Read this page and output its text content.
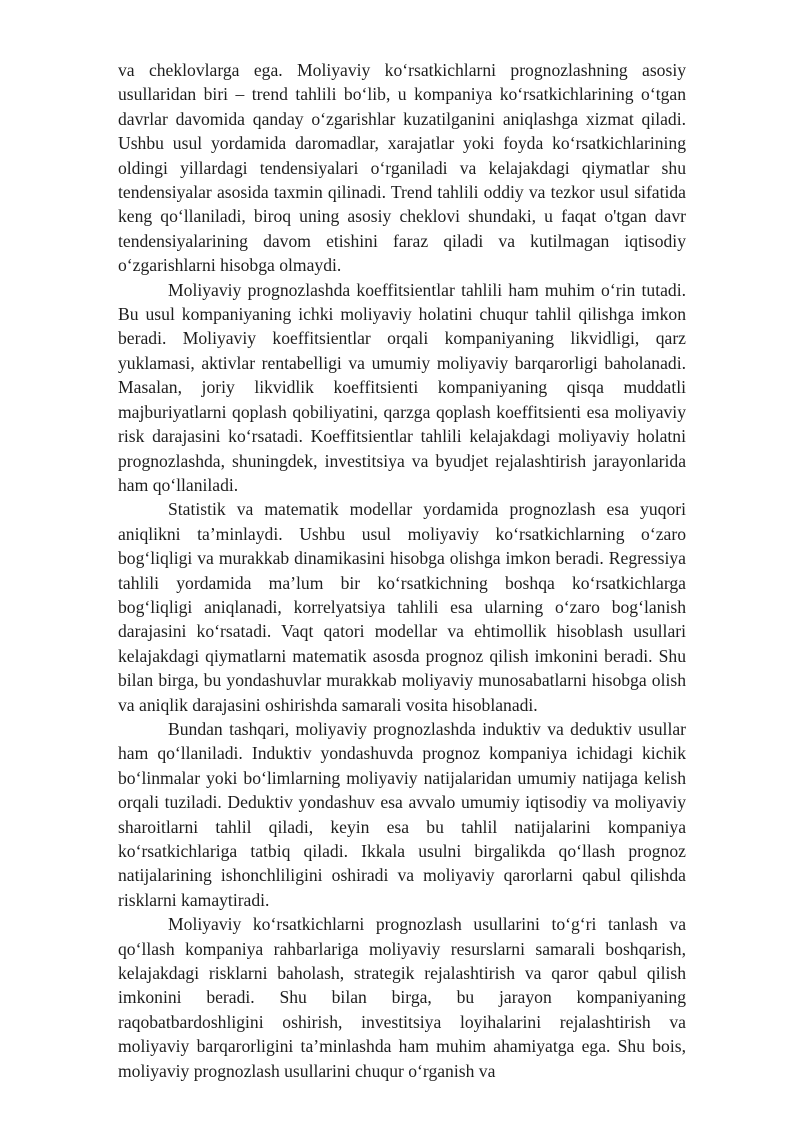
va cheklovlarga ega. Moliyaviy ko‘rsatkichlarni prognozlashning asosiy usullaridan biri – trend tahlili bo‘lib, u kompaniya ko‘rsatkichlarining o‘tgan davrlar davomida qanday o‘zgarishlar kuzatilganini aniqlashga xizmat qiladi. Ushbu usul yordamida daromadlar, xarajatlar yoki foyda ko‘rsatkichlarining oldingi yillardagi tendensiyalari o‘rganiladi va kelajakdagi qiymatlar shu tendensiyalar asosida taxmin qilinadi. Trend tahlili oddiy va tezkor usul sifatida keng qo‘llaniladi, biroq uning asosiy cheklovi shundaki, u faqat o'tgan davr tendensiyalarining davom etishini faraz qiladi va kutilmagan iqtisodiy o‘zgarishlarni hisobga olmaydi.

Moliyaviy prognozlashda koeffitsientlar tahlili ham muhim o‘rin tutadi. Bu usul kompaniyaning ichki moliyaviy holatini chuqur tahlil qilishga imkon beradi. Moliyaviy koeffitsientlar orqali kompaniyaning likvidligi, qarz yuklamasi, aktivlar rentabelligi va umumiy moliyaviy barqarorligi baholanadi. Masalan, joriy likvidlik koeffitsienti kompaniyaning qisqa muddatli majburiyatlarni qoplash qobiliyatini, qarzga qoplash koeffitsienti esa moliyaviy risk darajasini ko‘rsatadi. Koeffitsientlar tahlili kelajakdagi moliyaviy holatni prognozlashda, shuningdek, investitsiya va byudjet rejalashtirish jarayonlarida ham qo‘llaniladi.

Statistik va matematik modellar yordamida prognozlash esa yuqori aniqlikni ta’minlaydi. Ushbu usul moliyaviy ko‘rsatkichlarning o‘zaro bog‘liqligi va murakkab dinamikasini hisobga olishga imkon beradi. Regressiya tahlili yordamida ma’lum bir ko‘rsatkichning boshqa ko‘rsatkichlarga bog‘liqligi aniqlanadi, korrelyatsiya tahlili esa ularning o‘zaro bog‘lanish darajasini ko‘rsatadi. Vaqt qatori modellar va ehtimollik hisoblash usullari kelajakdagi qiymatlarni matematik asosda prognoz qilish imkonini beradi. Shu bilan birga, bu yondashuvlar murakkab moliyaviy munosabatlarni hisobga olish va aniqlik darajasini oshirishda samarali vosita hisoblanadi.

Bundan tashqari, moliyaviy prognozlashda induktiv va deduktiv usullar ham qo‘llaniladi. Induktiv yondashuvda prognoz kompaniya ichidagi kichik bo‘linmalar yoki bo‘limlarning moliyaviy natijalaridan umumiy natijaga kelish orqali tuziladi. Deduktiv yondashuv esa avvalo umumiy iqtisodiy va moliyaviy sharoitlarni tahlil qiladi, keyin esa bu tahlil natijalarini kompaniya ko‘rsatkichlariga tatbiq qiladi. Ikkala usulni birgalikda qo‘llash prognoz natijalarining ishonchliligini oshiradi va moliyaviy qarorlarni qabul qilishda risklarni kamaytiradi.

Moliyaviy ko‘rsatkichlarni prognozlash usullarini to‘g‘ri tanlash va qo‘llash kompaniya rahbarlariga moliyaviy resurslarni samarali boshqarish, kelajakdagi risklarni baholash, strategik rejalashtirish va qaror qabul qilish imkonini beradi. Shu bilan birga, bu jarayon kompaniyaning raqobatbardoshligini oshirish, investitsiya loyihalarini rejalashtirish va moliyaviy barqarorligini ta’minlashda ham muhim ahamiyatga ega. Shu bois, moliyaviy prognozlash usullarini chuqur o‘rganish va
